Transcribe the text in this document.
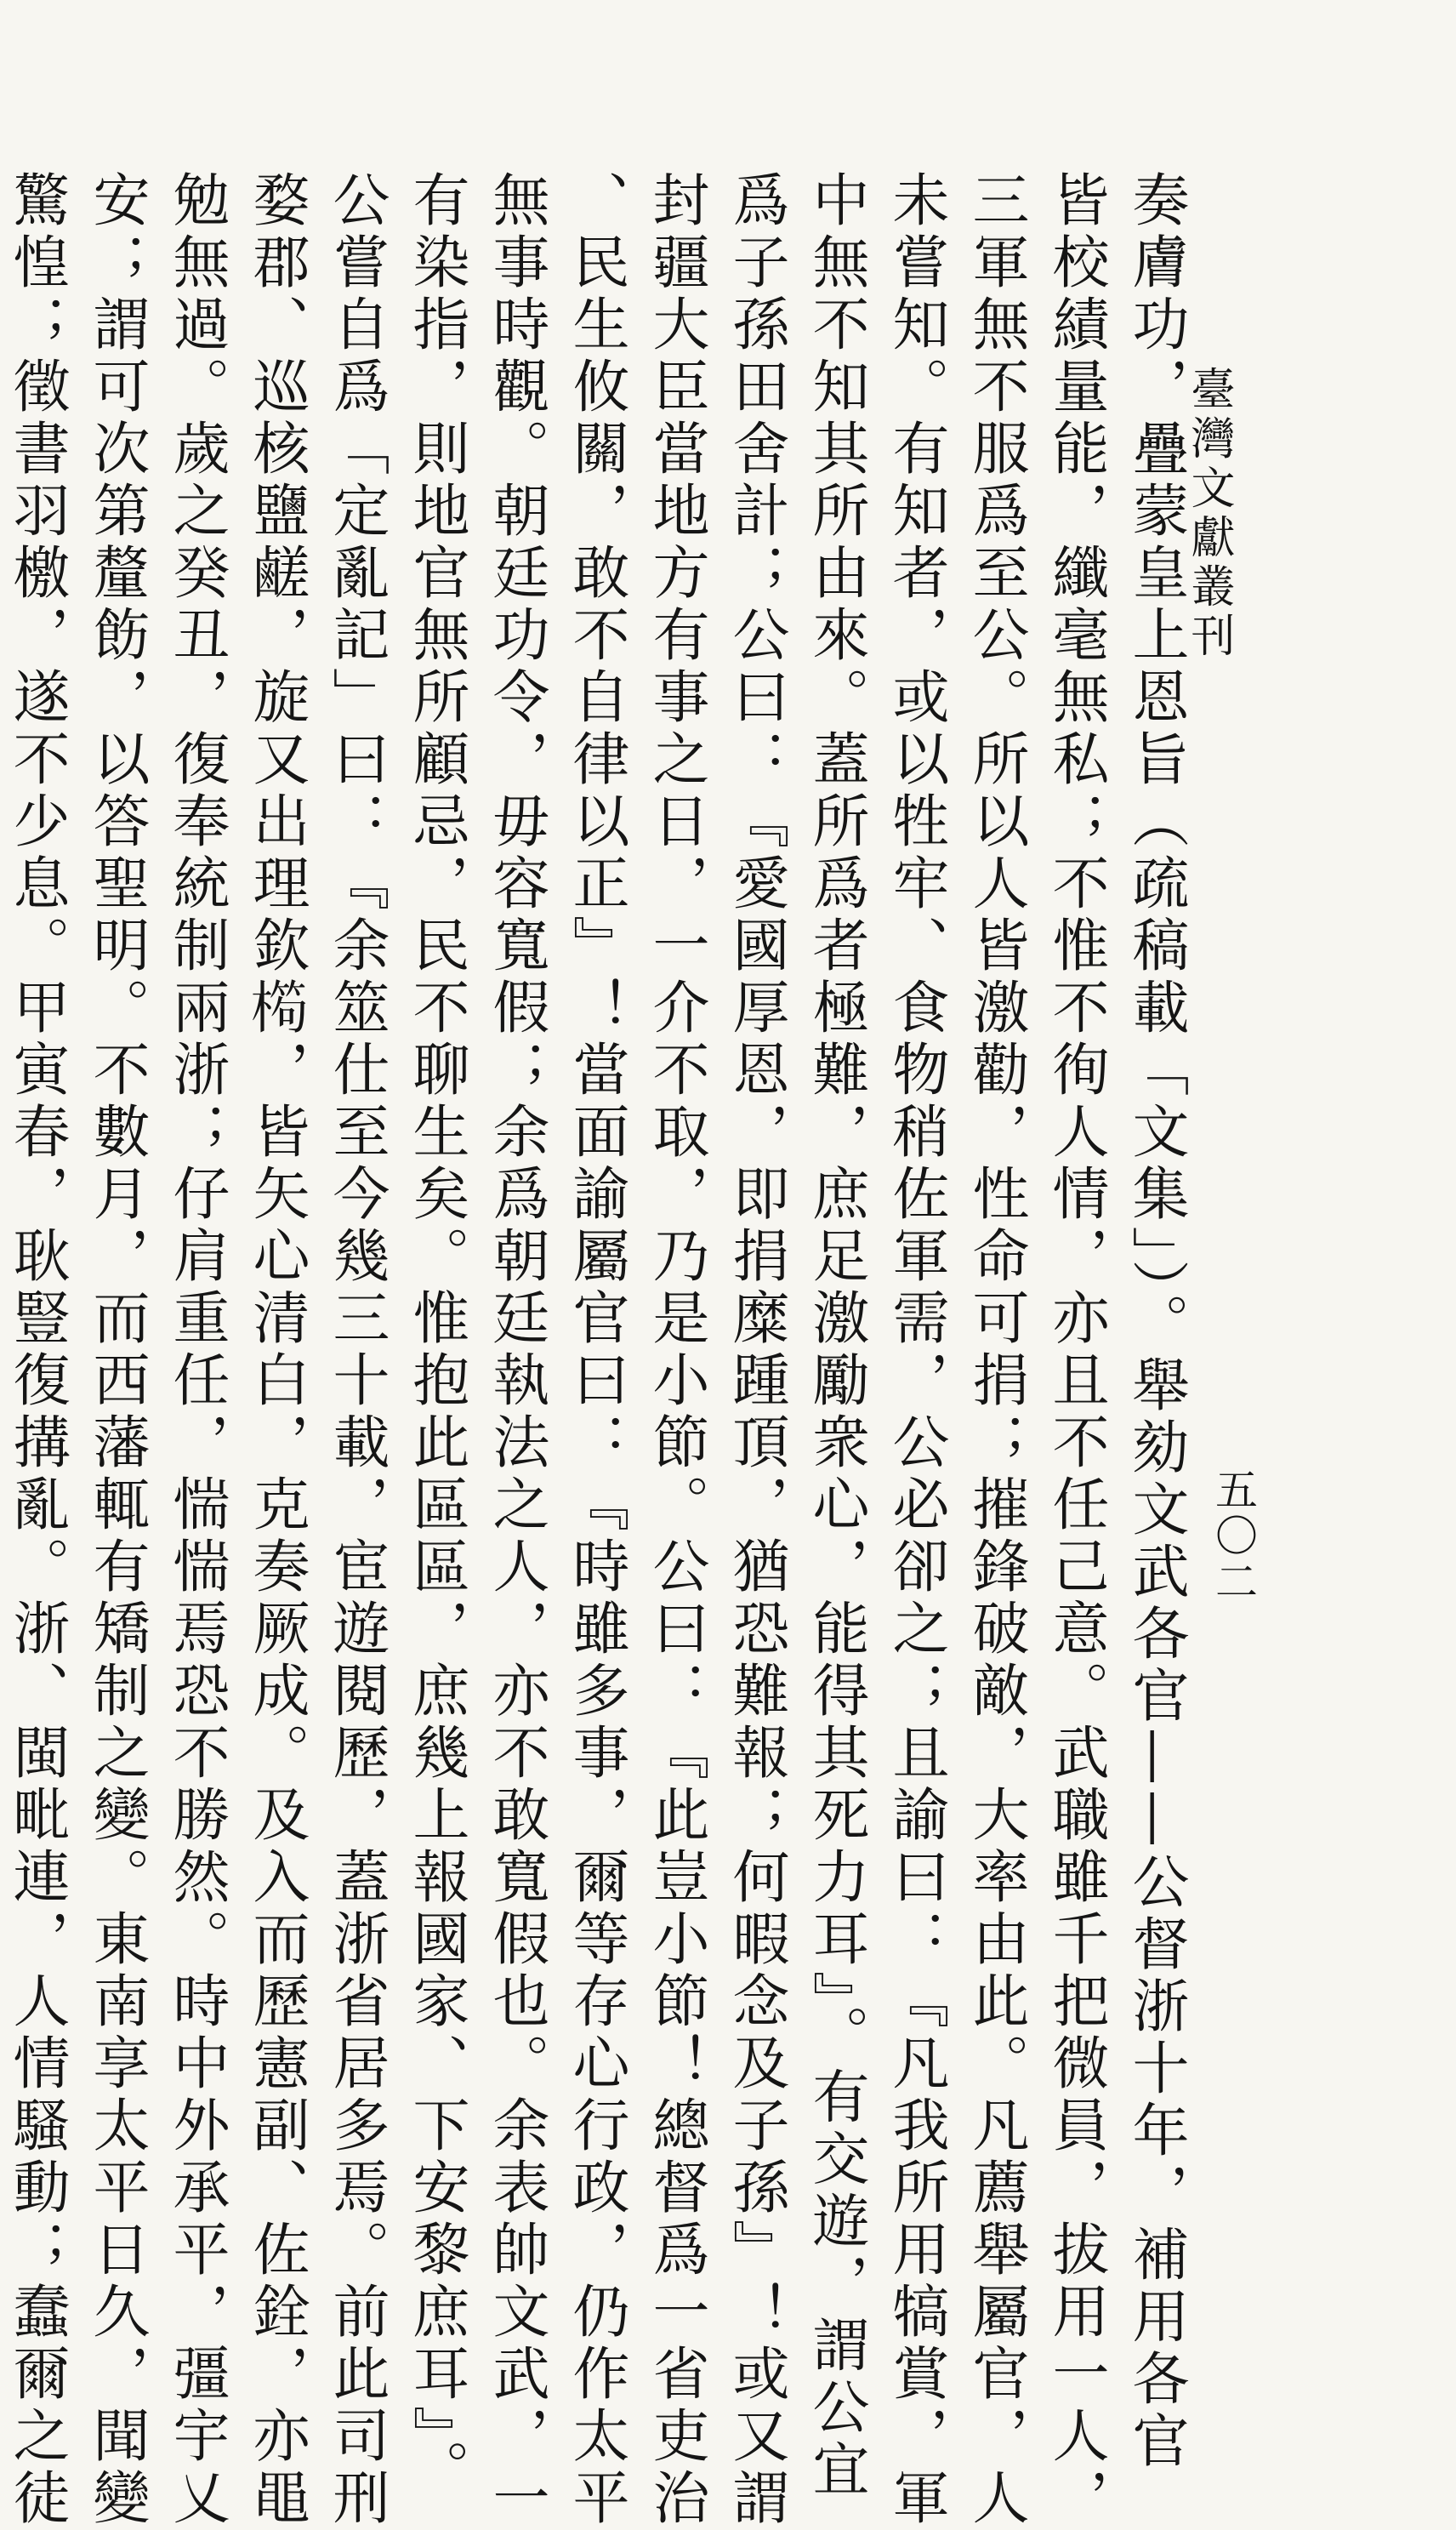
臺灣文獻叢刊
五〇二
奏膚功，疊蒙皇上恩旨（疏稿載「文集」）。舉劾文武各官——公督浙十年，補用各官
皆校績量能，纖毫無私；不惟不徇人情，亦且不任己意。武職雖千把微員，拔用一人，
三軍無不服爲至公。所以人皆激勸，性命可捐；摧鋒破敵，大率由此。凡薦舉屬官，人
未嘗知。有知者，或以牲牢、食物稍佐軍需，公必卻之；且諭曰：『凡我所用犒賞，軍
中無不知其所由來。蓋所爲者極難，庶足激勵衆心，能得其死力耳』。有交遊，謂公宜
爲子孫田舍計；公曰：『愛國厚恩，即捐糜踵頂，猶恐難報；何暇念及子孫』！或又謂
封疆大臣當地方有事之日，一介不取，乃是小節。公曰：『此豈小節！總督爲一省吏治
、民生攸關，敢不自律以正』！當面諭屬官曰：『時雖多事，爾等存心行政，仍作太平
無事時觀。朝廷功令，毋容寬假；余爲朝廷執法之人，亦不敢寬假也。余表帥文武，一
有染指，則地官無所顧忌，民不聊生矣。惟抱此區區，庶幾上報國家、下安黎庶耳』。
公嘗自爲「定亂記」曰：『余筮仕至今幾三十載，宦遊閱歷，蓋浙省居多焉。前此司刑
婺郡、巡核鹽鹺，旋又出理欽𣙱，皆矢心清白，克奏厥成。及入而歷憲副、佐銓，亦黽
勉無過。歲之癸丑，復奉統制兩浙；仔肩重任，惴惴焉恐不勝然。時中外承平，彊宇乂
安；謂可次第釐飭，以答聖明。不數月，而西藩輒有矯制之變。東南享太平日久，聞變
驚惶；徵書羽檄，遂不少息。甲寅春，耿豎復搆亂。浙、閩毗連，人情騷動；蠢爾之徒
